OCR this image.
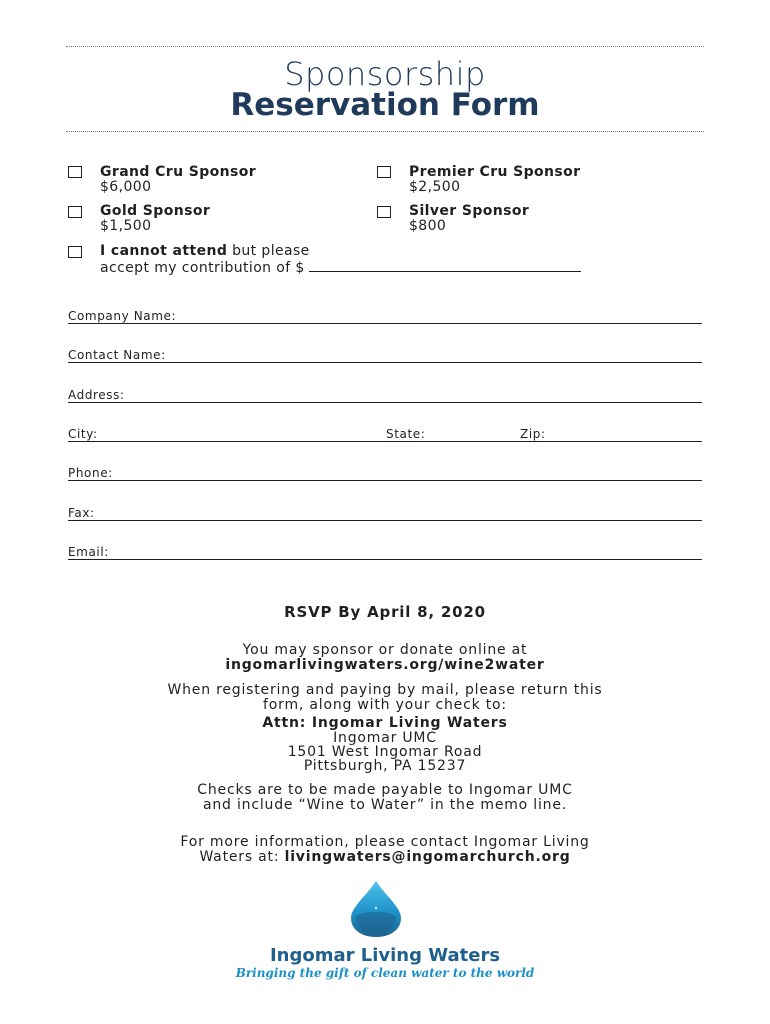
Sponsorship
Reservation Form
Grand Cru Sponsor
$6,000
Premier Cru Sponsor
$2,500
Gold Sponsor
$1,500
Silver Sponsor
$800
I cannot attend but please
accept my contribution of $
Company Name:
Contact Name:
Address:
City:	State:	Zip:
Phone:
Fax:
Email:
RSVP By April 8, 2020
You may sponsor or donate online at
ingomarlivingwaters.org/wine2water
When registering and paying by mail, please return this
form, along with your check to:
Attn: Ingomar Living Waters
Ingomar UMC
1501 West Ingomar Road
Pittsburgh, PA 15237
Checks are to be made payable to Ingomar UMC
and include “Wine to Water” in the memo line.
For more information, please contact Ingomar Living
Waters at: livingwaters@ingomarchurch.org
Ingomar Living Waters
Bringing the gift of clean water to the world
